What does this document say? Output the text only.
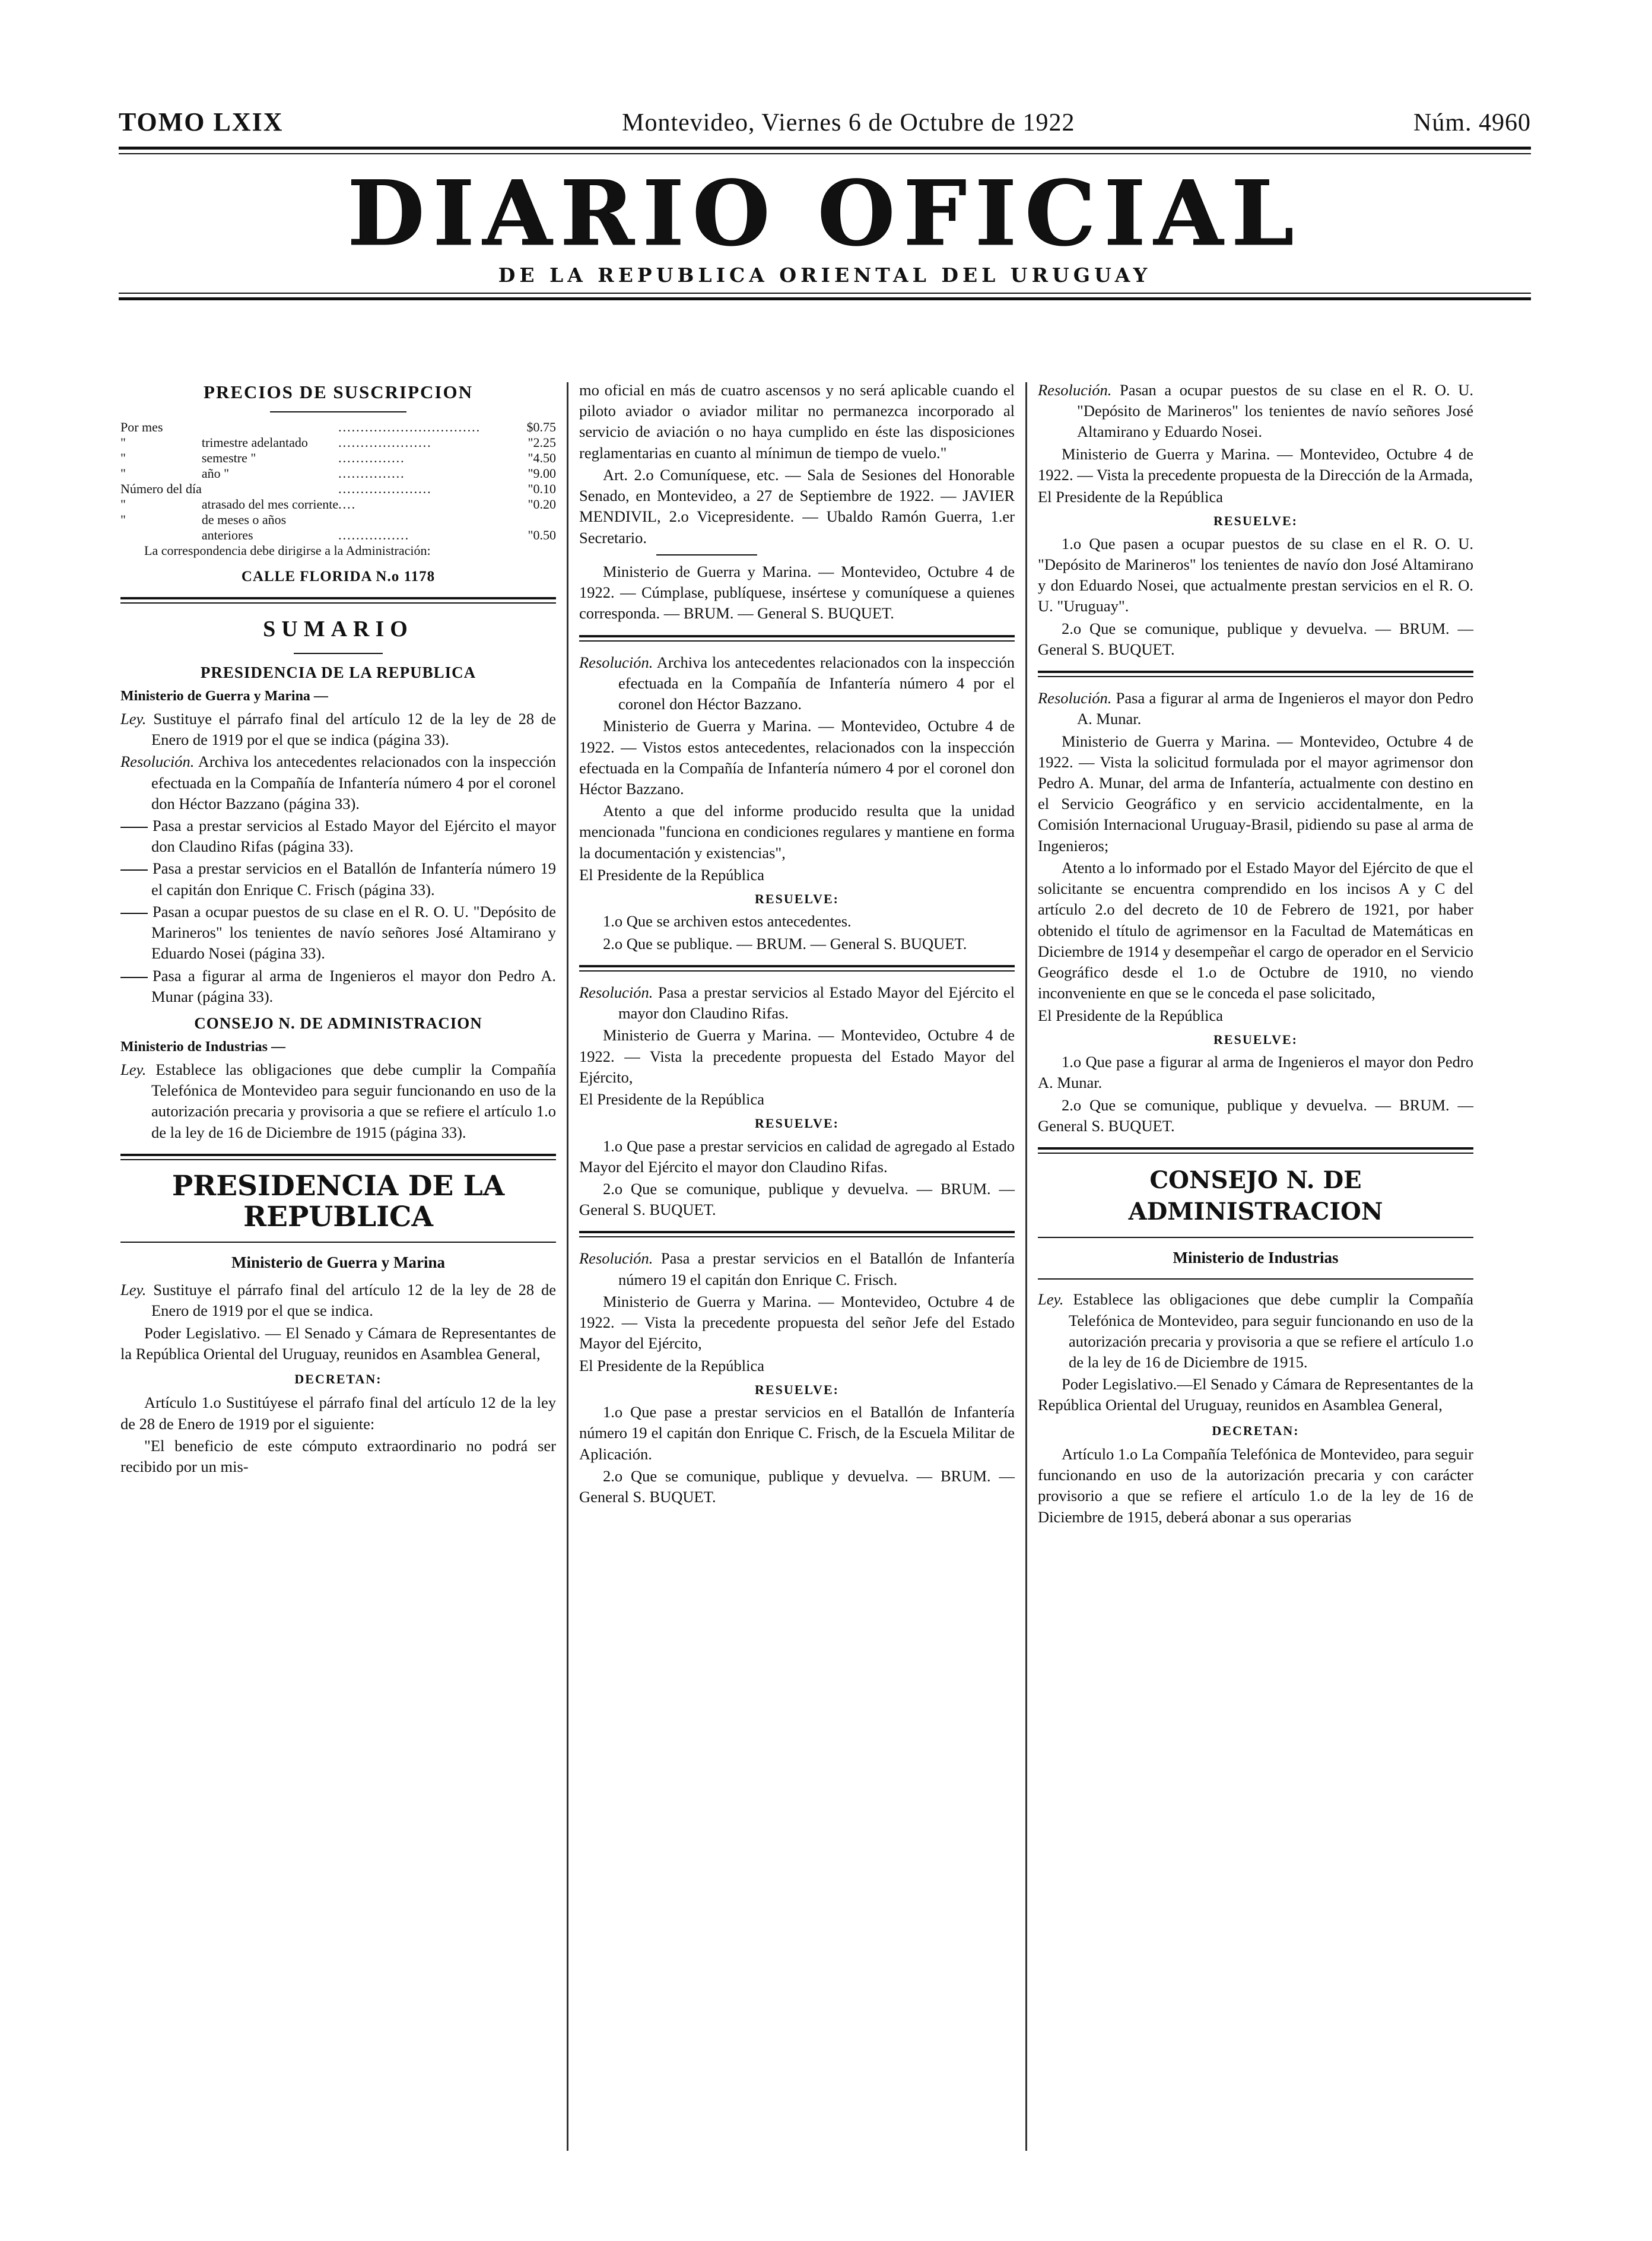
TOMO LXIX	Montevideo, Viernes 6 de Octubre de 1922	Núm. 4960
DIARIO OFICIAL
DE LA REPUBLICA ORIENTAL DEL URUGUAY
PRECIOS DE SUSCRIPCION
Por mes		................................	$	0.75
"	trimestre adelantado	.....................	"	2.25
"	semestre "	...............	"	4.50
"	año "	...............	"	9.00
Número del día		.....................	"	0.10
"	atrasado del mes corriente	....	"	0.20
"	de meses o años			
	anteriores	................	"	0.50

La correspondencia debe dirigirse a la Administración:

CALLE FLORIDA N.o 1178
SUMARIO
PRESIDENCIA DE LA REPUBLICA
Ministerio de Guerra y Marina —

Ley. Sustituye el párrafo final del artículo 12 de la ley de 28 de Enero de 1919 por el que se indica (página 33).

Resolución. Archiva los antecedentes relacionados con la inspección efectuada en la Compañía de Infantería número 4 por el coronel don Héctor Bazzano (página 33).

Pasa a prestar servicios al Estado Mayor del Ejército el mayor don Claudino Rifas (página 33).

Pasa a prestar servicios en el Batallón de Infantería número 19 el capitán don Enrique C. Frisch (página 33).

Pasan a ocupar puestos de su clase en el R. O. U. "Depósito de Marineros" los tenientes de navío señores José Altamirano y Eduardo Nosei (página 33).

Pasa a figurar al arma de Ingenieros el mayor don Pedro A. Munar (página 33).

CONSEJO N. DE ADMINISTRACION
Ministerio de Industrias —

Ley. Establece las obligaciones que debe cumplir la Compañía Telefónica de Montevideo para seguir funcionando en uso de la autorización precaria y provisoria a que se refiere el artículo 1.o de la ley de 16 de Diciembre de 1915 (página 33).

PRESIDENCIA DE LA REPUBLICA
Ministerio de Guerra y Marina

Ley. Sustituye el párrafo final del artículo 12 de la ley de 28 de Enero de 1919 por el que se indica.

Poder Legislativo. — El Senado y Cámara de Representantes de la República Oriental del Uruguay, reunidos en Asamblea General,

DECRETAN:

Artículo 1.o Sustitúyese el párrafo final del artículo 12 de la ley de 28 de Enero de 1919 por el siguiente:

"El beneficio de este cómputo extraordinario no podrá ser recibido por un mis-

mo oficial en más de cuatro ascensos y no será aplicable cuando el piloto aviador o aviador militar no permanezca incorporado al servicio de aviación o no haya cumplido en éste las disposiciones reglamentarias en cuanto al mínimun de tiempo de vuelo."

Art. 2.o Comuníquese, etc. — Sala de Sesiones del Honorable Senado, en Montevideo, a 27 de Septiembre de 1922. — JAVIER MENDIVIL, 2.o Vicepresidente. — Ubaldo Ramón Guerra, 1.er Secretario.

Ministerio de Guerra y Marina. — Montevideo, Octubre 4 de 1922. — Cúmplase, publíquese, insértese y comuníquese a quienes corresponda. — BRUM. — General S. BUQUET.

Resolución. Archiva los antecedentes relacionados con la inspección efectuada en la Compañía de Infantería número 4 por el coronel don Héctor Bazzano.

Ministerio de Guerra y Marina. — Montevideo, Octubre 4 de 1922. — Vistos estos antecedentes, relacionados con la inspección efectuada en la Compañía de Infantería número 4 por el coronel don Héctor Bazzano.

Atento a que del informe producido resulta que la unidad mencionada "funciona en condiciones regulares y mantiene en forma la documentación y existencias",

El Presidente de la República

RESUELVE:

1.o Que se archiven estos antecedentes.

2.o Que se publique. — BRUM. — General S. BUQUET.

Resolución. Pasa a prestar servicios al Estado Mayor del Ejército el mayor don Claudino Rifas.

Ministerio de Guerra y Marina. — Montevideo, Octubre 4 de 1922. — Vista la precedente propuesta del Estado Mayor del Ejército,

El Presidente de la República

RESUELVE:

1.o Que pase a prestar servicios en calidad de agregado al Estado Mayor del Ejército el mayor don Claudino Rifas.

2.o Que se comunique, publique y devuelva. — BRUM. — General S. BUQUET.

Resolución. Pasa a prestar servicios en el Batallón de Infantería número 19 el capitán don Enrique C. Frisch.

Ministerio de Guerra y Marina. — Montevideo, Octubre 4 de 1922. — Vista la precedente propuesta del señor Jefe del Estado Mayor del Ejército,

El Presidente de la República

RESUELVE:

1.o Que pase a prestar servicios en el Batallón de Infantería número 19 el capitán don Enrique C. Frisch, de la Escuela Militar de Aplicación.

2.o Que se comunique, publique y devuelva. — BRUM. — General S. BUQUET.

Resolución. Pasan a ocupar puestos de su clase en el R. O. U. "Depósito de Marineros" los tenientes de navío señores José Altamirano y Eduardo Nosei.

Ministerio de Guerra y Marina. — Montevideo, Octubre 4 de 1922. — Vista la precedente propuesta de la Dirección de la Armada,

El Presidente de la República

RESUELVE:

1.o Que pasen a ocupar puestos de su clase en el R. O. U. "Depósito de Marineros" los tenientes de navío don José Altamirano y don Eduardo Nosei, que actualmente prestan servicios en el R. O. U. "Uruguay".

2.o Que se comunique, publique y devuelva. — BRUM. — General S. BUQUET.

Resolución. Pasa a figurar al arma de Ingenieros el mayor don Pedro A. Munar.

Ministerio de Guerra y Marina. — Montevideo, Octubre 4 de 1922. — Vista la solicitud formulada por el mayor agrimensor don Pedro A. Munar, del arma de Infantería, actualmente con destino en el Servicio Geográfico y en servicio accidentalmente, en la Comisión Internacional Uruguay-Brasil, pidiendo su pase al arma de Ingenieros;

Atento a lo informado por el Estado Mayor del Ejército de que el solicitante se encuentra comprendido en los incisos A y C del artículo 2.o del decreto de 10 de Febrero de 1921, por haber obtenido el título de agrimensor en la Facultad de Matemáticas en Diciembre de 1914 y desempeñar el cargo de operador en el Servicio Geográfico desde el 1.o de Octubre de 1910, no viendo inconveniente en que se le conceda el pase solicitado,

El Presidente de la República

RESUELVE:

1.o Que pase a figurar al arma de Ingenieros el mayor don Pedro A. Munar.

2.o Que se comunique, publique y devuelva. — BRUM. — General S. BUQUET.

CONSEJO N. DE ADMINISTRACION
Ministerio de Industrias

Ley. Establece las obligaciones que debe cumplir la Compañía Telefónica de Montevideo, para seguir funcionando en uso de la autorización precaria y provisoria a que se refiere el artículo 1.o de la ley de 16 de Diciembre de 1915.

Poder Legislativo.—El Senado y Cámara de Representantes de la República Oriental del Uruguay, reunidos en Asamblea General,

DECRETAN:

Artículo 1.o La Compañía Telefónica de Montevideo, para seguir funcionando en uso de la autorización precaria y con carácter provisorio a que se refiere el artículo 1.o de la ley de 16 de Diciembre de 1915, deberá abonar a sus operarias
